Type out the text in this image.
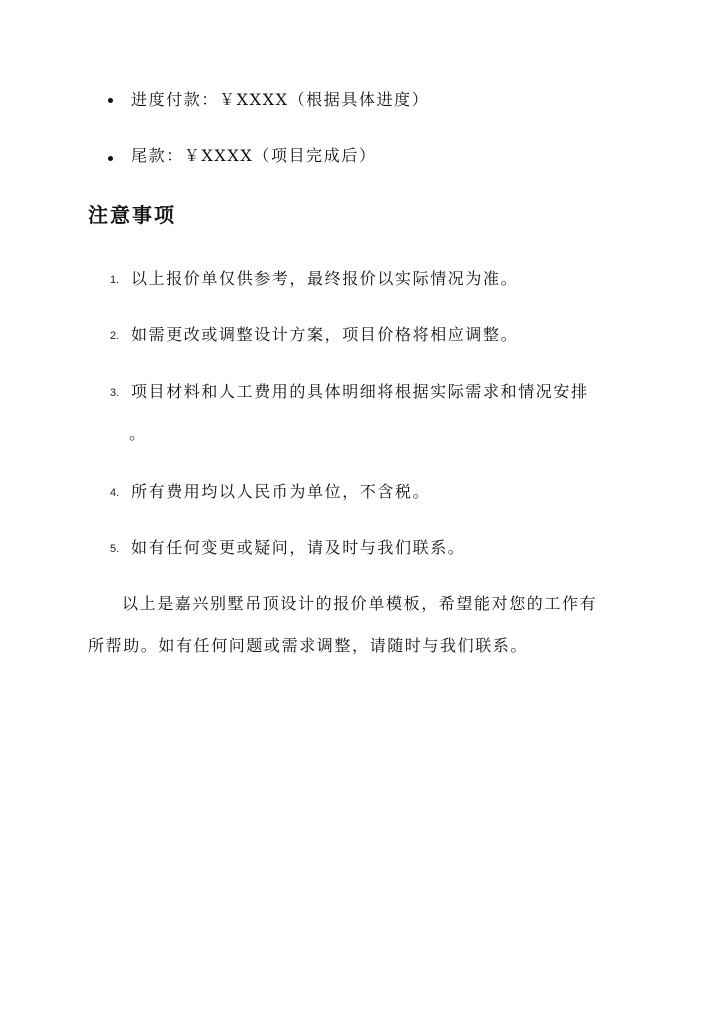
进度付款：￥XXXX（根据具体进度）
尾款：￥XXXX（项目完成后）
注意事项
1. 以上报价单仅供参考，最终报价以实际情况为准。
2. 如需更改或调整设计方案，项目价格将相应调整。
3. 项目材料和人工费用的具体明细将根据实际需求和情况安排
。
4. 所有费用均以人民币为单位，不含税。
5. 如有任何变更或疑问，请及时与我们联系。
以上是嘉兴别墅吊顶设计的报价单模板，希望能对您的工作有
所帮助。如有任何问题或需求调整，请随时与我们联系。
